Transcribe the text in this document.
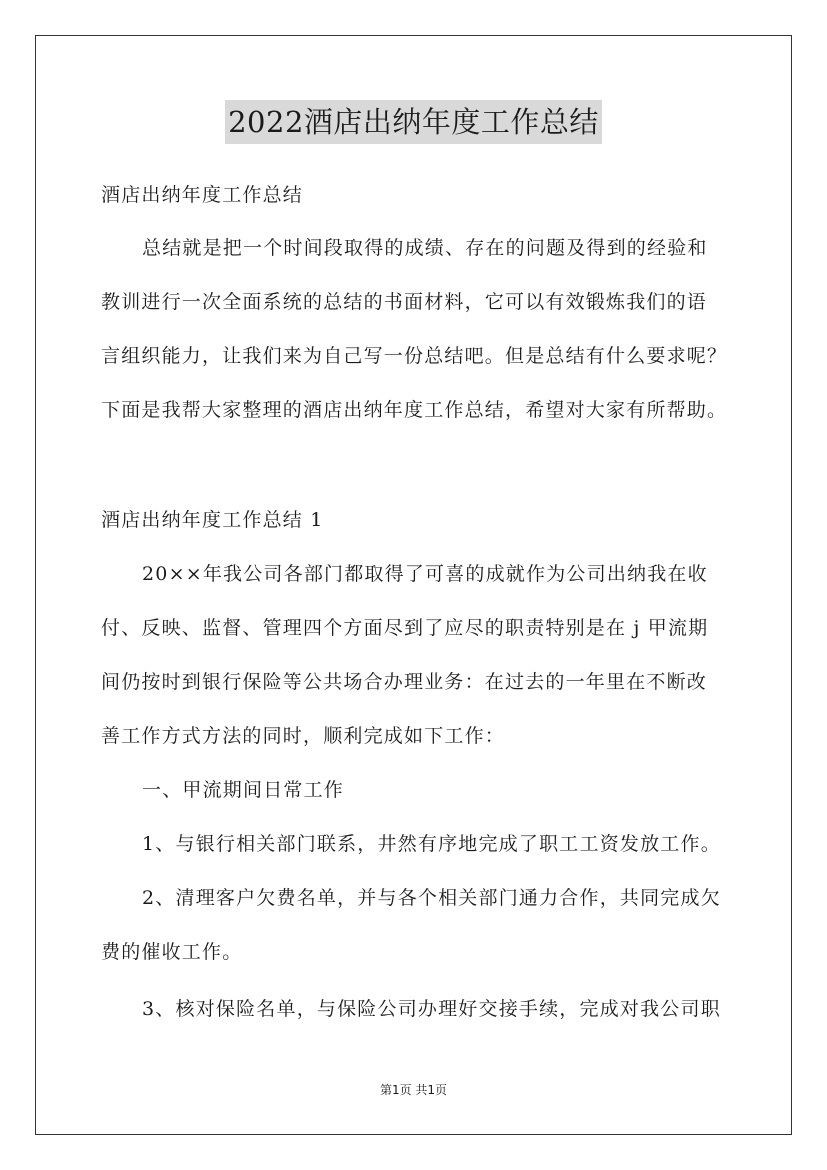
2022酒店出纳年度工作总结

酒店出纳年度工作总结

总结就是把一个时间段取得的成绩、存在的问题及得到的经验和

教训进行一次全面系统的总结的书面材料，它可以有效锻炼我们的语

言组织能力，让我们来为自己写一份总结吧。但是总结有什么要求呢？

下面是我帮大家整理的酒店出纳年度工作总结，希望对大家有所帮助。

酒店出纳年度工作总结 1

20××年我公司各部门都取得了可喜的成就作为公司出纳我在收

付、反映、监督、管理四个方面尽到了应尽的职责特别是在 j 甲流期

间仍按时到银行保险等公共场合办理业务：在过去的一年里在不断改

善工作方式方法的同时，顺利完成如下工作：

一、甲流期间日常工作

1、与银行相关部门联系，井然有序地完成了职工工资发放工作。

2、清理客户欠费名单，并与各个相关部门通力合作，共同完成欠

费的催收工作。

3、核对保险名单，与保险公司办理好交接手续，完成对我公司职

第1页 共1页
